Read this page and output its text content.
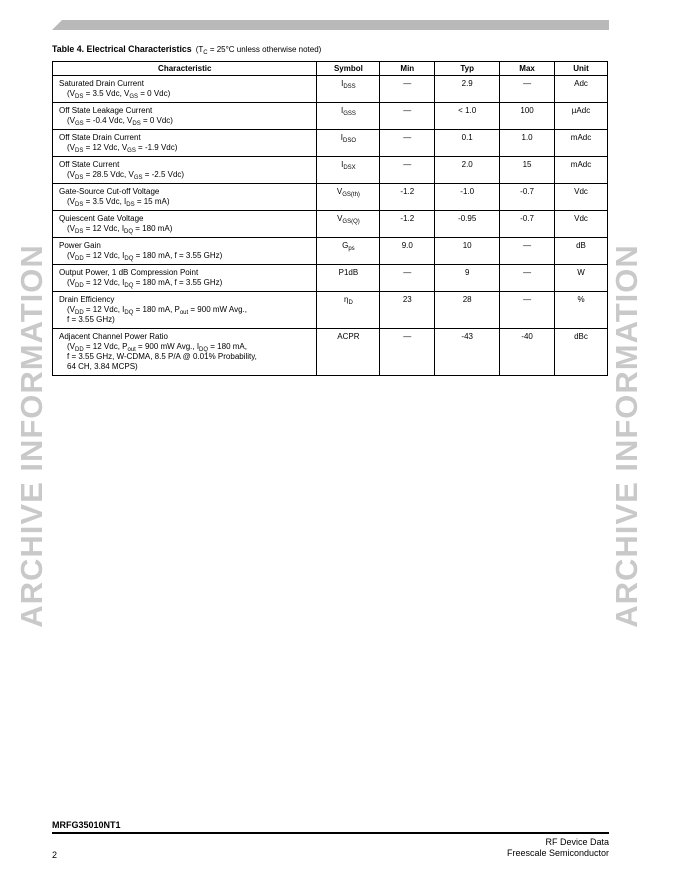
Table 4. Electrical Characteristics ($T_C = 25^\circ C$ unless otherwise noted)
Characteristic	Symbol	Min	Typ	Max	Unit

Saturated Drain Current
($V_{DS} = 3.5$ Vdc, $V_{GS} = 0$ Vdc)	$I_{DSS}$	—	2.9	—	Adc

Off State Leakage Current
($V_{GS} = -0.4$ Vdc, $V_{DS} = 0$ Vdc)	$I_{GSS}$	—	< 1.0	100	µAdc

Off State Drain Current
($V_{DS} = 12$ Vdc, $V_{GS} = -1.9$ Vdc)	$I_{DSO}$	—	0.1	1.0	mAdc

Off State Current
($V_{DS} = 28.5$ Vdc, $V_{GS} = -2.5$ Vdc)	$I_{DSX}$	—	2.0	15	mAdc

Gate-Source Cut-off Voltage
($V_{DS} = 3.5$ Vdc, $I_{DS} = 15$ mA)	$V_{GS(th)}$	-1.2	-1.0	-0.7	Vdc

Quiescent Gate Voltage
($V_{DS} = 12$ Vdc, $I_{DQ} = 180$ mA)	$V_{GS(Q)}$	-1.2	-0.95	-0.7	Vdc

Power Gain
($V_{DD} = 12$ Vdc, $I_{DQ} = 180$ mA, f = 3.55 GHz)	$G_{ps}$	9.0	10	—	dB

Output Power, 1 dB Compression Point
($V_{DD} = 12$ Vdc, $I_{DQ} = 180$ mA, f = 3.55 GHz)	P1dB	—	9	—	W

Drain Efficiency
($V_{DD} = 12$ Vdc, $I_{DQ} = 180$ mA, $P_{out} = 900$ mW Avg.,
f = 3.55 GHz)	$\eta_D$	23	28	—	%

Adjacent Channel Power Ratio
($V_{DD} = 12$ Vdc, $P_{out} = 900$ mW Avg., $I_{DQ} = 180$ mA,
f = 3.55 GHz, W-CDMA, 8.5 P/A @ 0.01% Probability,
64 CH, 3.84 MCPS)	ACPR	—	-43	-40	dBc
ARCHIVE INFORMATION	ARCHIVE INFORMATION
MRFG35010NT1
2
RF Device Data
Freescale Semiconductor
